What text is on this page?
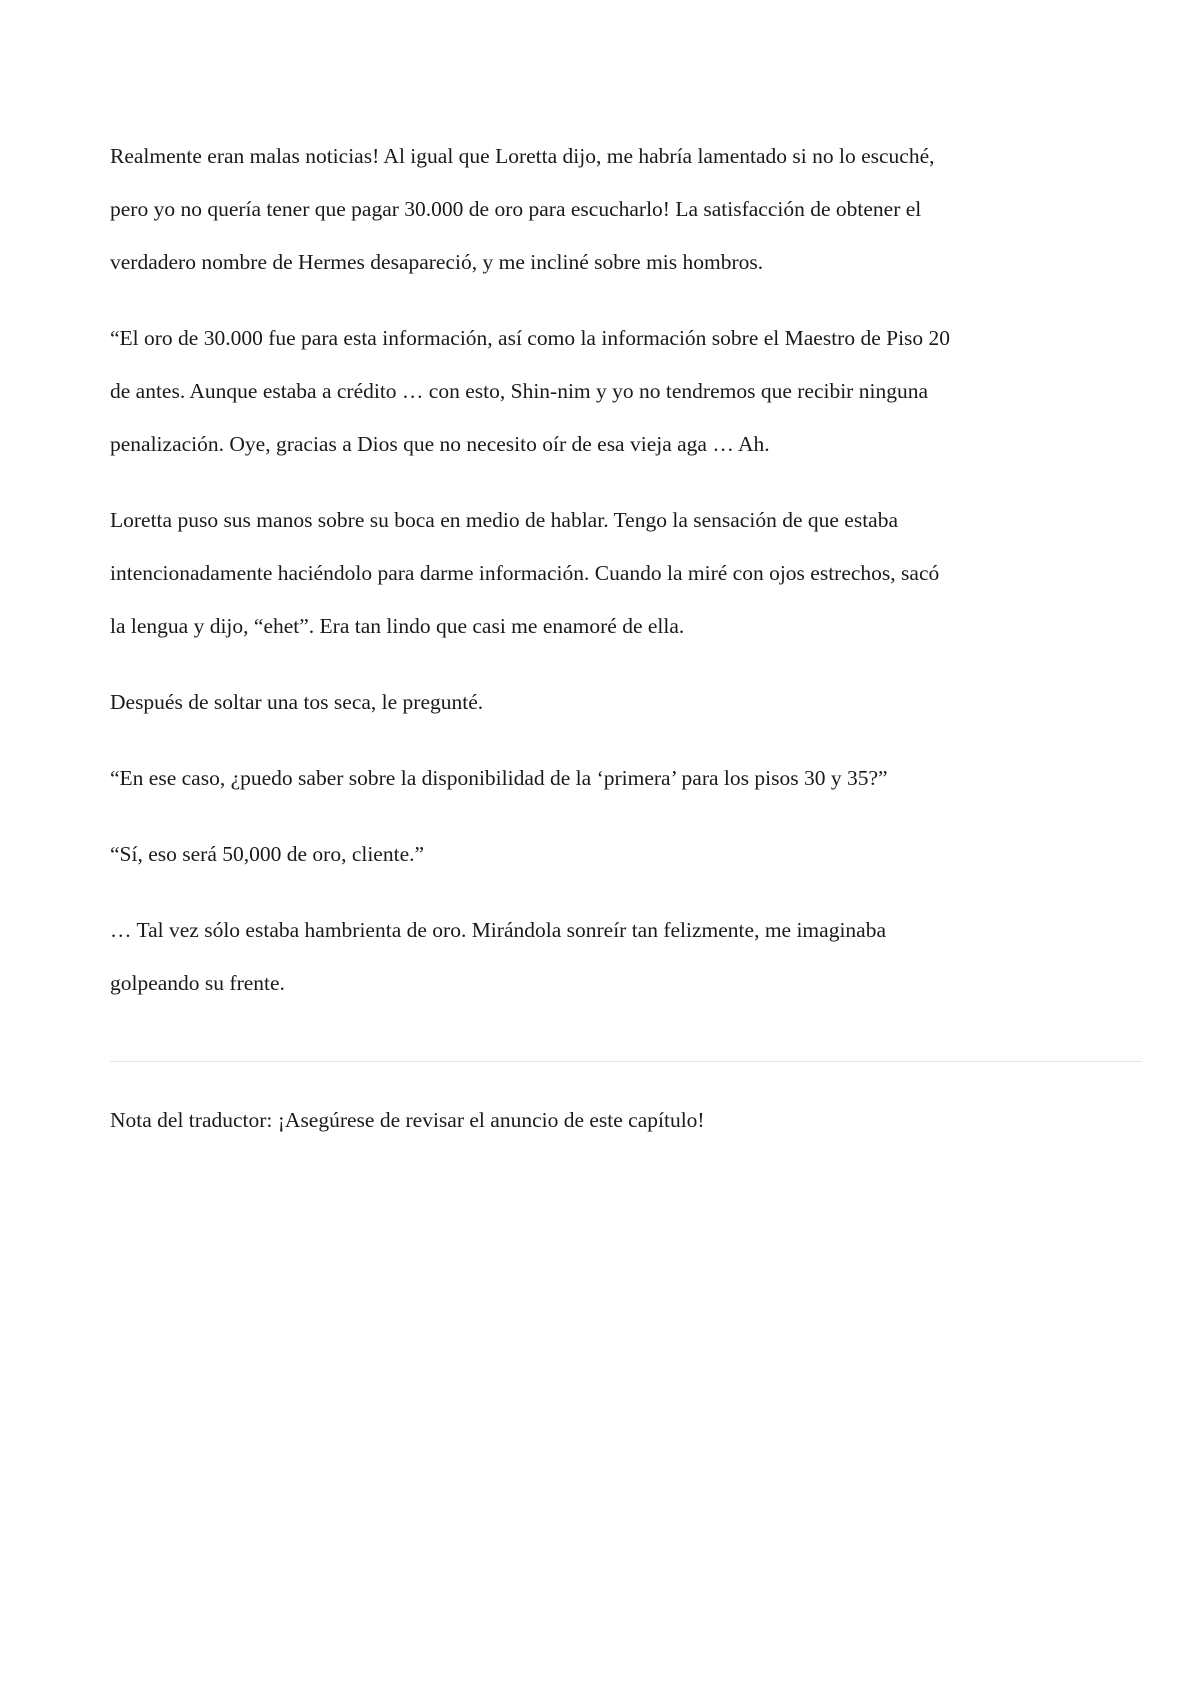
Realmente eran malas noticias! Al igual que Loretta dijo, me habría lamentado si no lo escuché,
pero yo no quería tener que pagar 30.000 de oro para escucharlo! La satisfacción de obtener el
verdadero nombre de Hermes desapareció, y me incliné sobre mis hombros.

“El oro de 30.000 fue para esta información, así como la información sobre el Maestro de Piso 20
de antes. Aunque estaba a crédito … con esto, Shin-nim y yo no tendremos que recibir ninguna
penalización. Oye, gracias a Dios que no necesito oír de esa vieja aga … Ah.

Loretta puso sus manos sobre su boca en medio de hablar. Tengo la sensación de que estaba
intencionadamente haciéndolo para darme información. Cuando la miré con ojos estrechos, sacó
la lengua y dijo, “ehet”. Era tan lindo que casi me enamoré de ella.

Después de soltar una tos seca, le pregunté.

“En ese caso, ¿puedo saber sobre la disponibilidad de la ‘primera’ para los pisos 30 y 35?”

“Sí, eso será 50,000 de oro, cliente.”

… Tal vez sólo estaba hambrienta de oro. Mirándola sonreír tan felizmente, me imaginaba
golpeando su frente.

Nota del traductor: ¡Asegúrese de revisar el anuncio de este capítulo!
